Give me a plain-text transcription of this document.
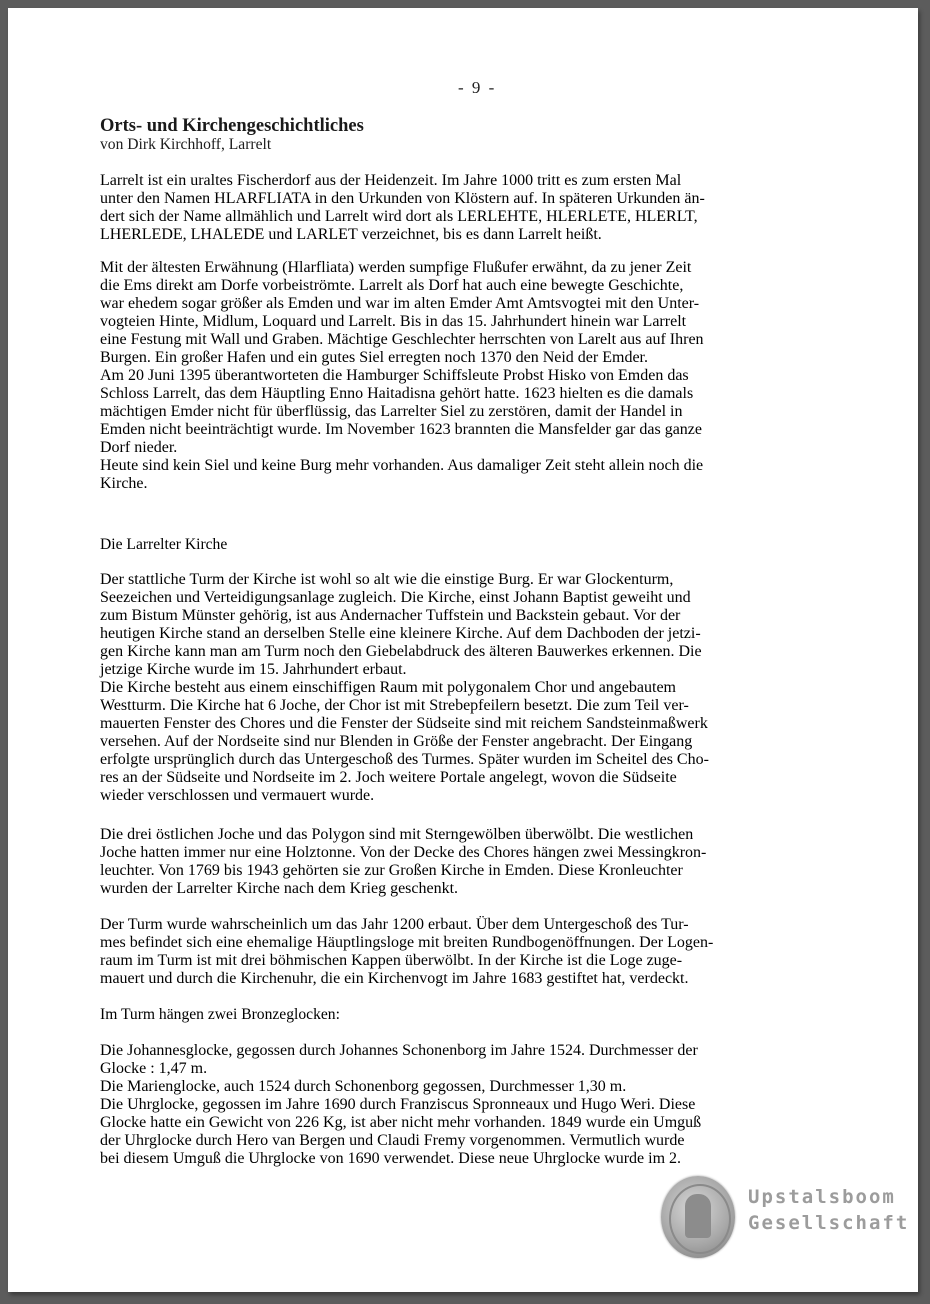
- 9 -
Orts- und Kirchengeschichtliches
von Dirk Kirchhoff, Larrelt
Larrelt ist ein uraltes Fischerdorf aus der Heidenzeit. Im Jahre 1000 tritt es zum ersten Mal
unter den Namen HLARFLIATA in den Urkunden von Klöstern auf. In späteren Urkunden än-
dert sich der Name allmählich und Larrelt wird dort als LERLEHTE, HLERLETE, HLERLT,
LHERLEDE, LHALEDE und LARLET verzeichnet, bis es dann Larrelt heißt.
Mit der ältesten Erwähnung (Hlarfliata) werden sumpfige Flußufer erwähnt, da zu jener Zeit
die Ems direkt am Dorfe vorbeiströmte. Larrelt als Dorf hat auch eine bewegte Geschichte,
war ehedem sogar größer als Emden und war im alten Emder Amt Amtsvogtei mit den Unter-
vogteien Hinte, Midlum, Loquard und Larrelt. Bis in das 15. Jahrhundert hinein war Larrelt
eine Festung mit Wall und Graben. Mächtige Geschlechter herrschten von Larelt aus auf Ihren
Burgen. Ein großer Hafen und ein gutes Siel erregten noch 1370 den Neid der Emder.
Am 20 Juni 1395 überantworteten die Hamburger Schiffsleute Probst Hisko von Emden das
Schloss Larrelt, das dem Häuptling Enno Haitadisna gehört hatte. 1623 hielten es die damals
mächtigen Emder nicht für überflüssig, das Larrelter Siel zu zerstören, damit der Handel in
Emden nicht beeinträchtigt wurde. Im November 1623 brannten die Mansfelder gar das ganze
Dorf nieder.
Heute sind kein Siel und keine Burg mehr vorhanden. Aus damaliger Zeit steht allein noch die
Kirche.
Die Larrelter Kirche
Der stattliche Turm der Kirche ist wohl so alt wie die einstige Burg. Er war Glockenturm,
Seezeichen und Verteidigungsanlage zugleich. Die Kirche, einst Johann Baptist geweiht und
zum Bistum Münster gehörig, ist aus Andernacher Tuffstein und Backstein gebaut. Vor der
heutigen Kirche stand an derselben Stelle eine kleinere Kirche. Auf dem Dachboden der jetzi-
gen Kirche kann man am Turm noch den Giebelabdruck des älteren Bauwerkes erkennen. Die
jetzige Kirche wurde im 15. Jahrhundert erbaut.
Die Kirche besteht aus einem einschiffigen Raum mit polygonalem Chor und angebautem
Westturm. Die Kirche hat 6 Joche, der Chor ist mit Strebepfeilern besetzt. Die zum Teil ver-
mauerten Fenster des Chores und die Fenster der Südseite sind mit reichem Sandsteinmaßwerk
versehen. Auf der Nordseite sind nur Blenden in Größe der Fenster angebracht. Der Eingang
erfolgte ursprünglich durch das Untergeschoß des Turmes. Später wurden im Scheitel des Cho-
res an der Südseite und Nordseite im 2. Joch weitere Portale angelegt, wovon die Südseite
wieder verschlossen und vermauert wurde.
Die drei östlichen Joche und das Polygon sind mit Sterngewölben überwölbt. Die westlichen
Joche hatten immer nur eine Holztonne. Von der Decke des Chores hängen zwei Messingkron-
leuchter. Von 1769 bis 1943 gehörten sie zur Großen Kirche in Emden. Diese Kronleuchter
wurden der Larrelter Kirche nach dem Krieg geschenkt.
Der Turm wurde wahrscheinlich um das Jahr 1200 erbaut. Über dem Untergeschoß des Tur-
mes befindet sich eine ehemalige Häuptlingsloge mit breiten Rundbogenöffnungen. Der Logen-
raum im Turm ist mit drei böhmischen Kappen überwölbt. In der Kirche ist die Loge zuge-
mauert und durch die Kirchenuhr, die ein Kirchenvogt im Jahre 1683 gestiftet hat, verdeckt.
Im Turm hängen zwei Bronzeglocken:
Die Johannesglocke, gegossen durch Johannes Schonenborg im Jahre 1524. Durchmesser der
Glocke : 1,47 m.
Die Marienglocke, auch 1524 durch Schonenborg gegossen, Durchmesser 1,30 m.
Die Uhrglocke, gegossen im Jahre 1690 durch Franziscus Spronneaux und Hugo Weri. Diese
Glocke hatte ein Gewicht von 226 Kg, ist aber nicht mehr vorhanden. 1849 wurde ein Umguß
der Uhrglocke durch Hero van Bergen und Claudi Fremy vorgenommen. Vermutlich wurde
bei diesem Umguß die Uhrglocke von 1690 verwendet. Diese neue Uhrglocke wurde im 2.
Upstalsboom
Gesellschaft
